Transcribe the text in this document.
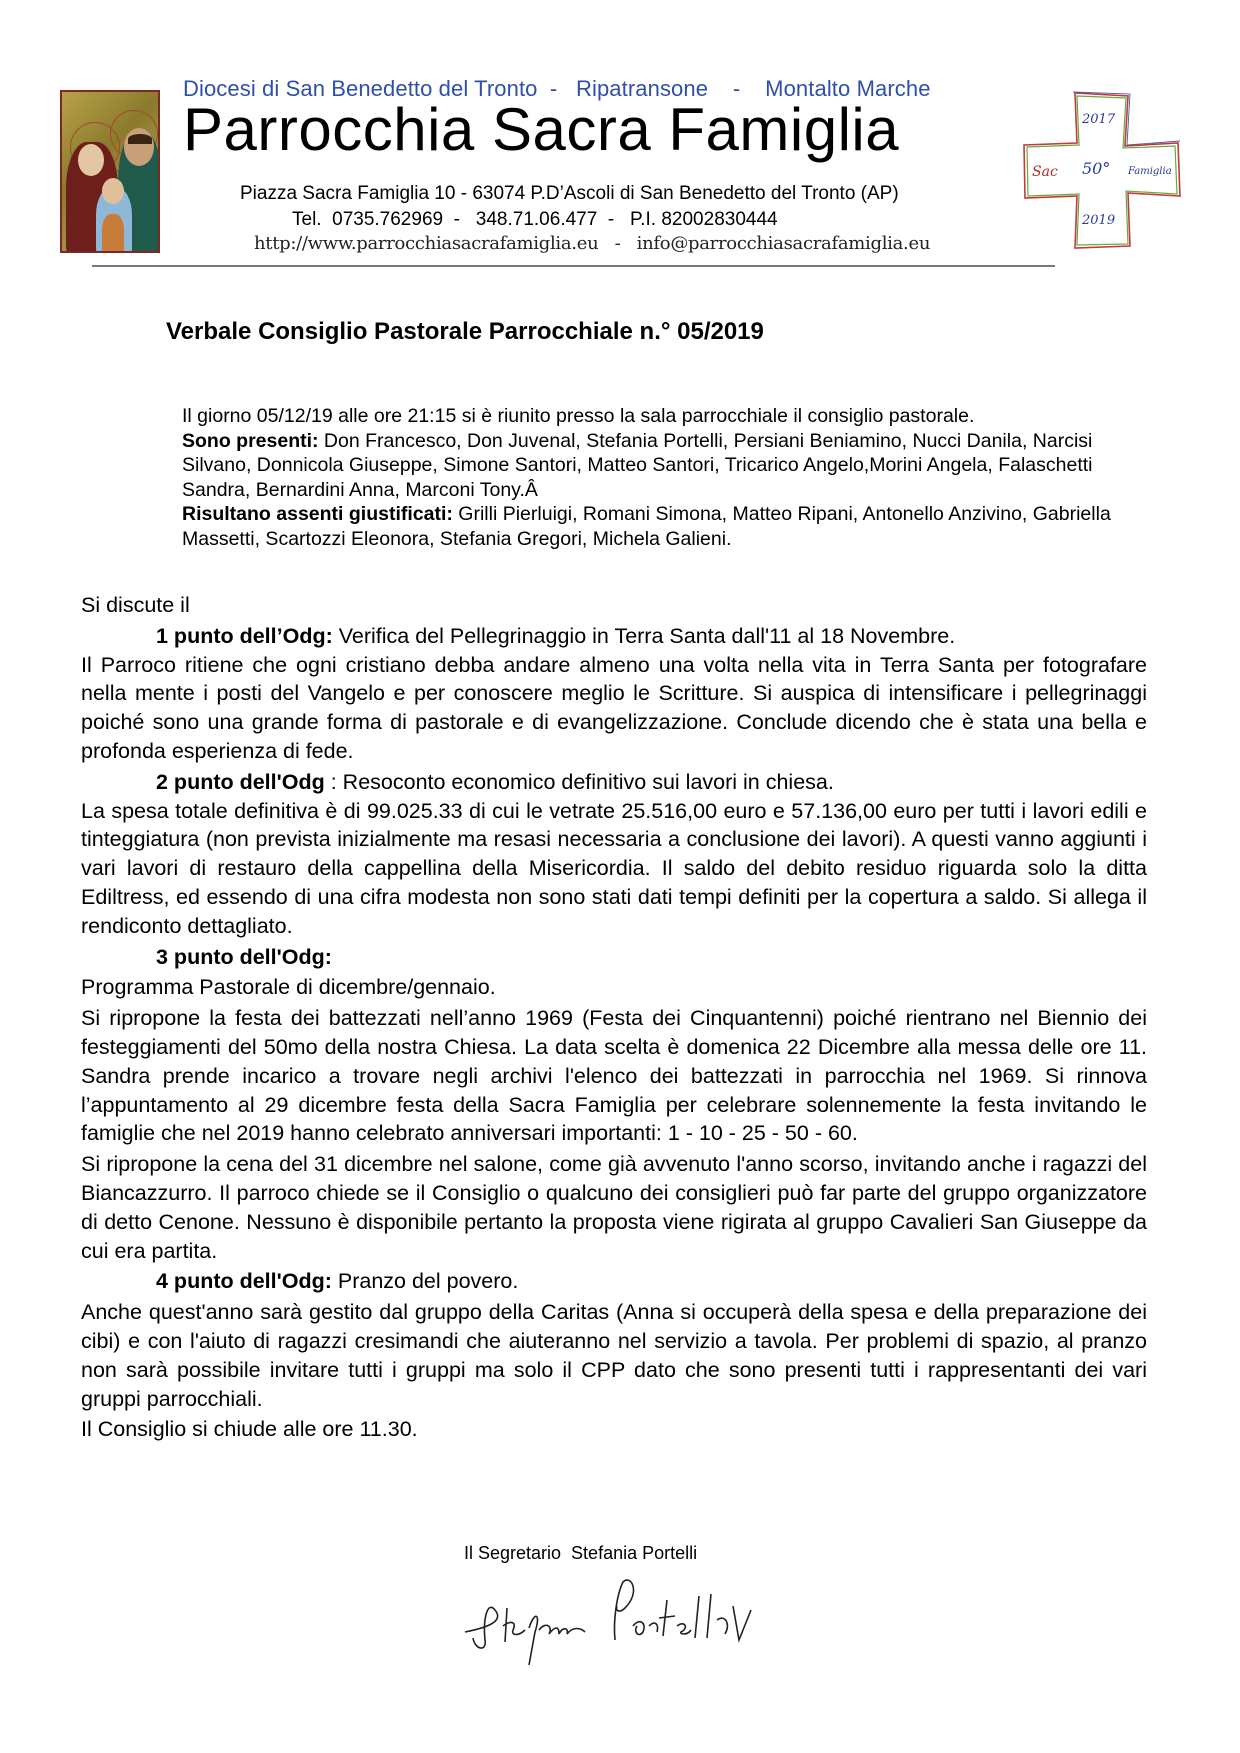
Diocesi di San Benedetto del Tronto  -   Ripatransone    -    Montalto Marche
Parrocchia Sacra Famiglia
Piazza Sacra Famiglia 10 - 63074 P.D’Ascoli di San Benedetto del Tronto (AP)
Tel.  0735.762969  -   348.71.06.477  -   P.I. 82002830444
http://www.parrocchiasacrafamiglia.eu   -   info@parrocchiasacrafamiglia.eu
2017
Sac 50° Famiglia
2019
Verbale Consiglio Pastorale Parrocchiale n.° 05/2019

Il giorno 05/12/19 alle ore 21:15 si è riunito presso la sala parrocchiale il consiglio pastorale.

Sono presenti: Don Francesco, Don Juvenal, Stefania Portelli, Persiani Beniamino, Nucci Danila, Narcisi Silvano, Donnicola Giuseppe, Simone Santori, Matteo Santori, Tricarico Angelo,Morini Angela, Falaschetti Sandra, Bernardini Anna, Marconi Tony.Â

Risultano assenti giustificati: Grilli Pierluigi, Romani Simona, Matteo Ripani, Antonello Anzivino, Gabriella Massetti, Scartozzi Eleonora, Stefania Gregori, Michela Galieni.

Si discute il

1 punto dell’Odg: Verifica del Pellegrinaggio in Terra Santa dall'11 al 18 Novembre.

Il Parroco ritiene che ogni cristiano debba andare almeno una volta nella vita in Terra Santa per fotografare nella mente i posti del Vangelo e per conoscere meglio le Scritture. Si auspica di intensificare i pellegrinaggi poiché sono una grande forma di pastorale e di evangelizzazione. Conclude dicendo che è stata una bella e profonda esperienza di fede.

2 punto dell'Odg : Resoconto economico definitivo sui lavori in chiesa.

La spesa totale definitiva è di 99.025.33 di cui le vetrate 25.516,00 euro e 57.136,00 euro per tutti i lavori edili e tinteggiatura (non prevista inizialmente ma resasi necessaria a conclusione dei lavori). A questi vanno aggiunti i vari lavori di restauro della cappellina della Misericordia. Il saldo del debito residuo riguarda solo la ditta Ediltress, ed essendo di una cifra modesta non sono stati dati tempi definiti per la copertura a saldo. Si allega il rendiconto dettagliato.

3 punto dell'Odg:

Programma Pastorale di dicembre/gennaio.

Si ripropone la festa dei battezzati nell’anno 1969 (Festa dei Cinquantenni) poiché rientrano nel Biennio dei festeggiamenti del 50mo della nostra Chiesa. La data scelta è domenica 22 Dicembre alla messa delle ore 11. Sandra prende incarico a trovare negli archivi l'elenco dei battezzati in parrocchia nel 1969. Si rinnova l’appuntamento al 29 dicembre festa della Sacra Famiglia per celebrare solennemente la festa invitando le famiglie che nel 2019 hanno celebrato anniversari importanti: 1 - 10 - 25 - 50 - 60.

Si ripropone la cena del 31 dicembre nel salone, come già avvenuto l'anno scorso, invitando anche i ragazzi del Biancazzurro. Il parroco chiede se il Consiglio o qualcuno dei consiglieri può far parte del gruppo organizzatore di detto Cenone. Nessuno è disponibile pertanto la proposta viene rigirata al gruppo Cavalieri San Giuseppe da cui era partita.

4 punto dell'Odg: Pranzo del povero.

Anche quest'anno sarà gestito dal gruppo della Caritas (Anna si occuperà della spesa e della preparazione dei cibi) e con l'aiuto di ragazzi cresimandi che aiuteranno nel servizio a tavola. Per problemi di spazio, al pranzo non sarà possibile invitare tutti i gruppi ma solo il CPP dato che sono presenti tutti i rappresentanti dei vari gruppi parrocchiali.

Il Consiglio si chiude alle ore 11.30.

Il Segretario  Stefania Portelli
